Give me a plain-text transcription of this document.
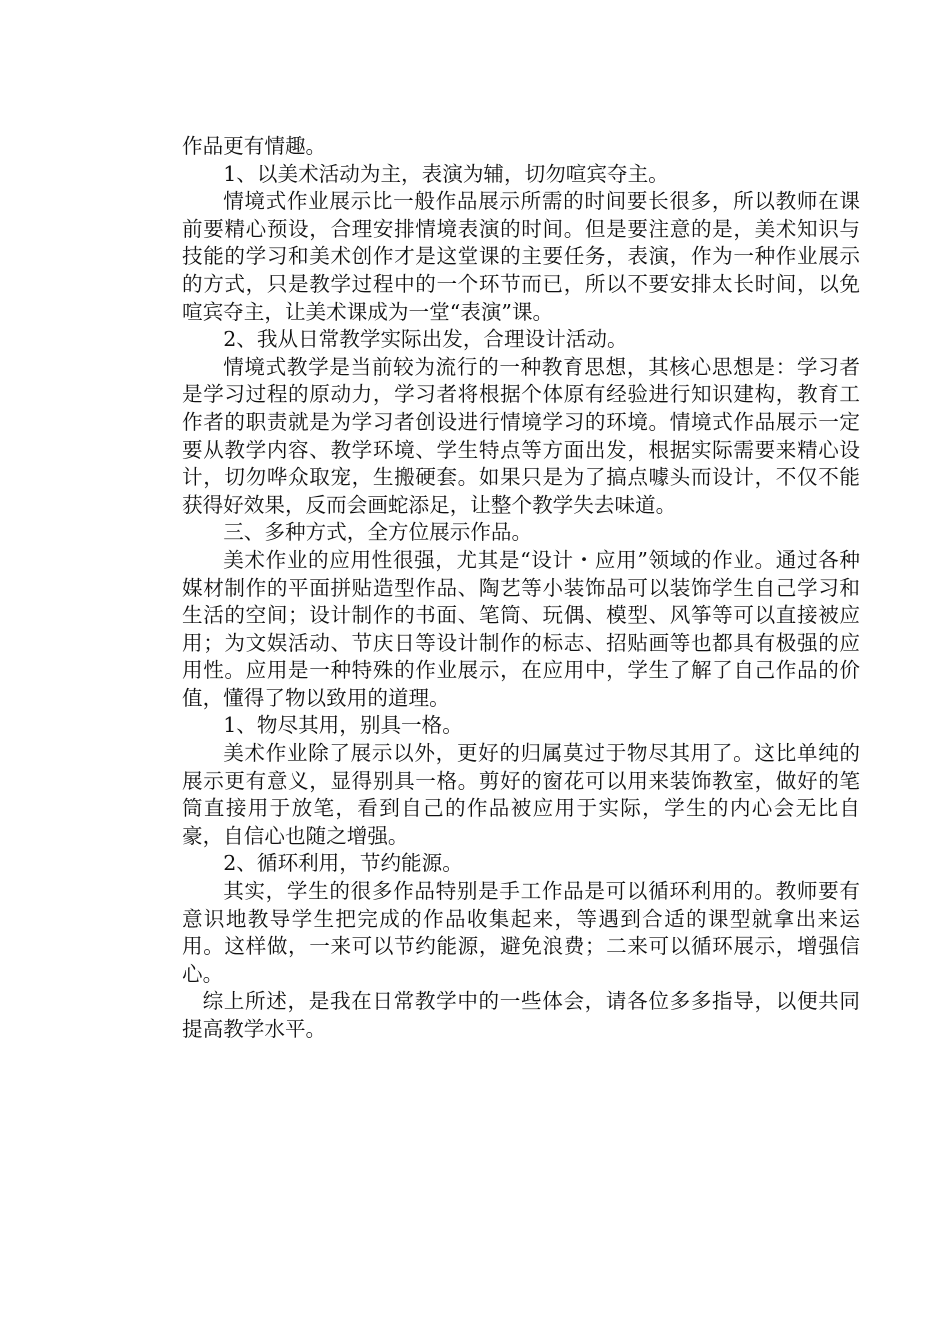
作品更有情趣。

1、以美术活动为主，表演为辅，切勿喧宾夺主。

情境式作业展示比一般作品展示所需的时间要长很多，所以教师在课前要精心预设，合理安排情境表演的时间。但是要注意的是，美术知识与技能的学习和美术创作才是这堂课的主要任务，表演，作为一种作业展示的方式，只是教学过程中的一个环节而已，所以不要安排太长时间，以免喧宾夺主，让美术课成为一堂“表演”课。

2、我从日常教学实际出发，合理设计活动。

情境式教学是当前较为流行的一种教育思想，其核心思想是：学习者是学习过程的原动力，学习者将根据个体原有经验进行知识建构，教育工作者的职责就是为学习者创设进行情境学习的环境。情境式作品展示一定要从教学内容、教学环境、学生特点等方面出发，根据实际需要来精心设计，切勿哗众取宠，生搬硬套。如果只是为了搞点噱头而设计，不仅不能获得好效果，反而会画蛇添足，让整个教学失去味道。

三、多种方式，全方位展示作品。

美术作业的应用性很强，尤其是“设计・应用”领域的作业。通过各种媒材制作的平面拼贴造型作品、陶艺等小装饰品可以装饰学生自己学习和生活的空间；设计制作的书面、笔筒、玩偶、模型、风筝等可以直接被应用；为文娱活动、节庆日等设计制作的标志、招贴画等也都具有极强的应用性。应用是一种特殊的作业展示，在应用中，学生了解了自己作品的价值，懂得了物以致用的道理。

1、物尽其用，别具一格。

美术作业除了展示以外，更好的归属莫过于物尽其用了。这比单纯的展示更有意义，显得别具一格。剪好的窗花可以用来装饰教室，做好的笔筒直接用于放笔，看到自己的作品被应用于实际，学生的内心会无比自豪，自信心也随之增强。

2、循环利用，节约能源。

其实，学生的很多作品特别是手工作品是可以循环利用的。教师要有意识地教导学生把完成的作品收集起来，等遇到合适的课型就拿出来运用。这样做，一来可以节约能源，避免浪费；二来可以循环展示，增强信心。

综上所述，是我在日常教学中的一些体会，请各位多多指导，以便共同提高教学水平。
